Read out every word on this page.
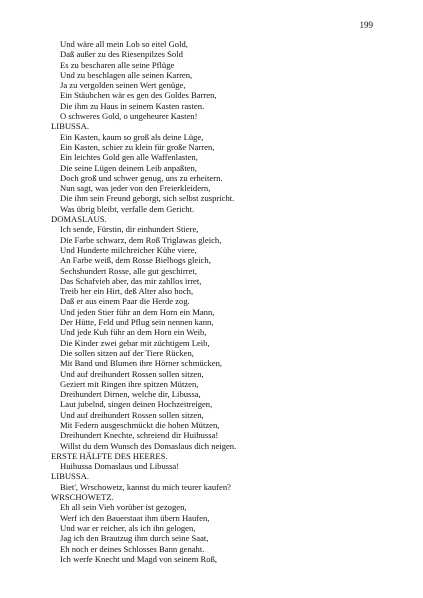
199
Und wäre all mein Lob so eitel Gold,
Daß außer zu des Riesenpilzes Sold
Es zu bescharen alle seine Pflüge
Und zu beschlagen alle seinen Karren,
Ja zu vergolden seinen Wert genüge,
Ein Stäubchen wär es gen des Goldes Barren,
Die ihm zu Haus in seinem Kasten rasten.
O schweres Gold, o ungeheurer Kasten!
LIBUSSA.
Ein Kasten, kaum so groß als deine Lüge,
Ein Kasten, schier zu klein für große Narren,
Ein leichtes Gold gen alle Waffenlasten,
Die seine Lügen deinem Leib anpaßten,
Doch groß und schwer genug, uns zu erheitern.
Nun sagt, was jeder von den Freierkleidern,
Die ihm sein Freund geborgt, sich selbst zuspricht.
Was übrig bleibt, verfalle dem Gericht.
DOMASLAUS.
Ich sende, Fürstin, dir einhundert Stiere,
Die Farbe schwarz, dem Roß Triglawas gleich,
Und Hunderte milchreicher Kühe viere,
An Farbe weiß, dem Rosse Bielbogs gleich,
Sechshundert Rosse, alle gut geschirret,
Das Schafvieh aber, das mir zahllos irret,
Treib her ein Hirt, deß Alter also hoch,
Daß er aus einem Paar die Herde zog.
Und jeden Stier führ an dem Horn ein Mann,
Der Hütte, Feld und Pflug sein nennen kann,
Und jede Kuh führ an dem Horn ein Weib,
Die Kinder zwei gebar mit züchtigem Leib,
Die sollen sitzen auf der Tiere Rücken,
Mit Band und Blumen ihre Hörner schmücken,
Und auf dreihundert Rossen sollen sitzen,
Geziert mit Ringen ihre spitzen Mützen,
Dreihundert Dirnen, welche dir, Libussa,
Laut jubelnd, singen deinen Hochzeitreigen,
Und auf dreihundert Rossen sollen sitzen,
Mit Federn ausgeschmückt die hohen Mützen,
Dreihundert Knechte, schreiend dir Huihussa!
Willst du dem Wunsch des Domaslaus dich neigen.
ERSTE HÄLFTE DES HEERES.
Huihussa Domaslaus und Libussa!
LIBUSSA.
Biet', Wrschowetz, kannst du mich teurer kaufen?
WRSCHOWETZ.
Eh all sein Vieh vorüber ist gezogen,
Werf ich den Bauerstaat ihm übern Haufen,
Und war er reicher, als ich ihn gelogen,
Jag ich den Brautzug ihm durch seine Saat,
Eh noch er deines Schlosses Bann genaht.
Ich werfe Knecht und Magd von seinem Roß,
